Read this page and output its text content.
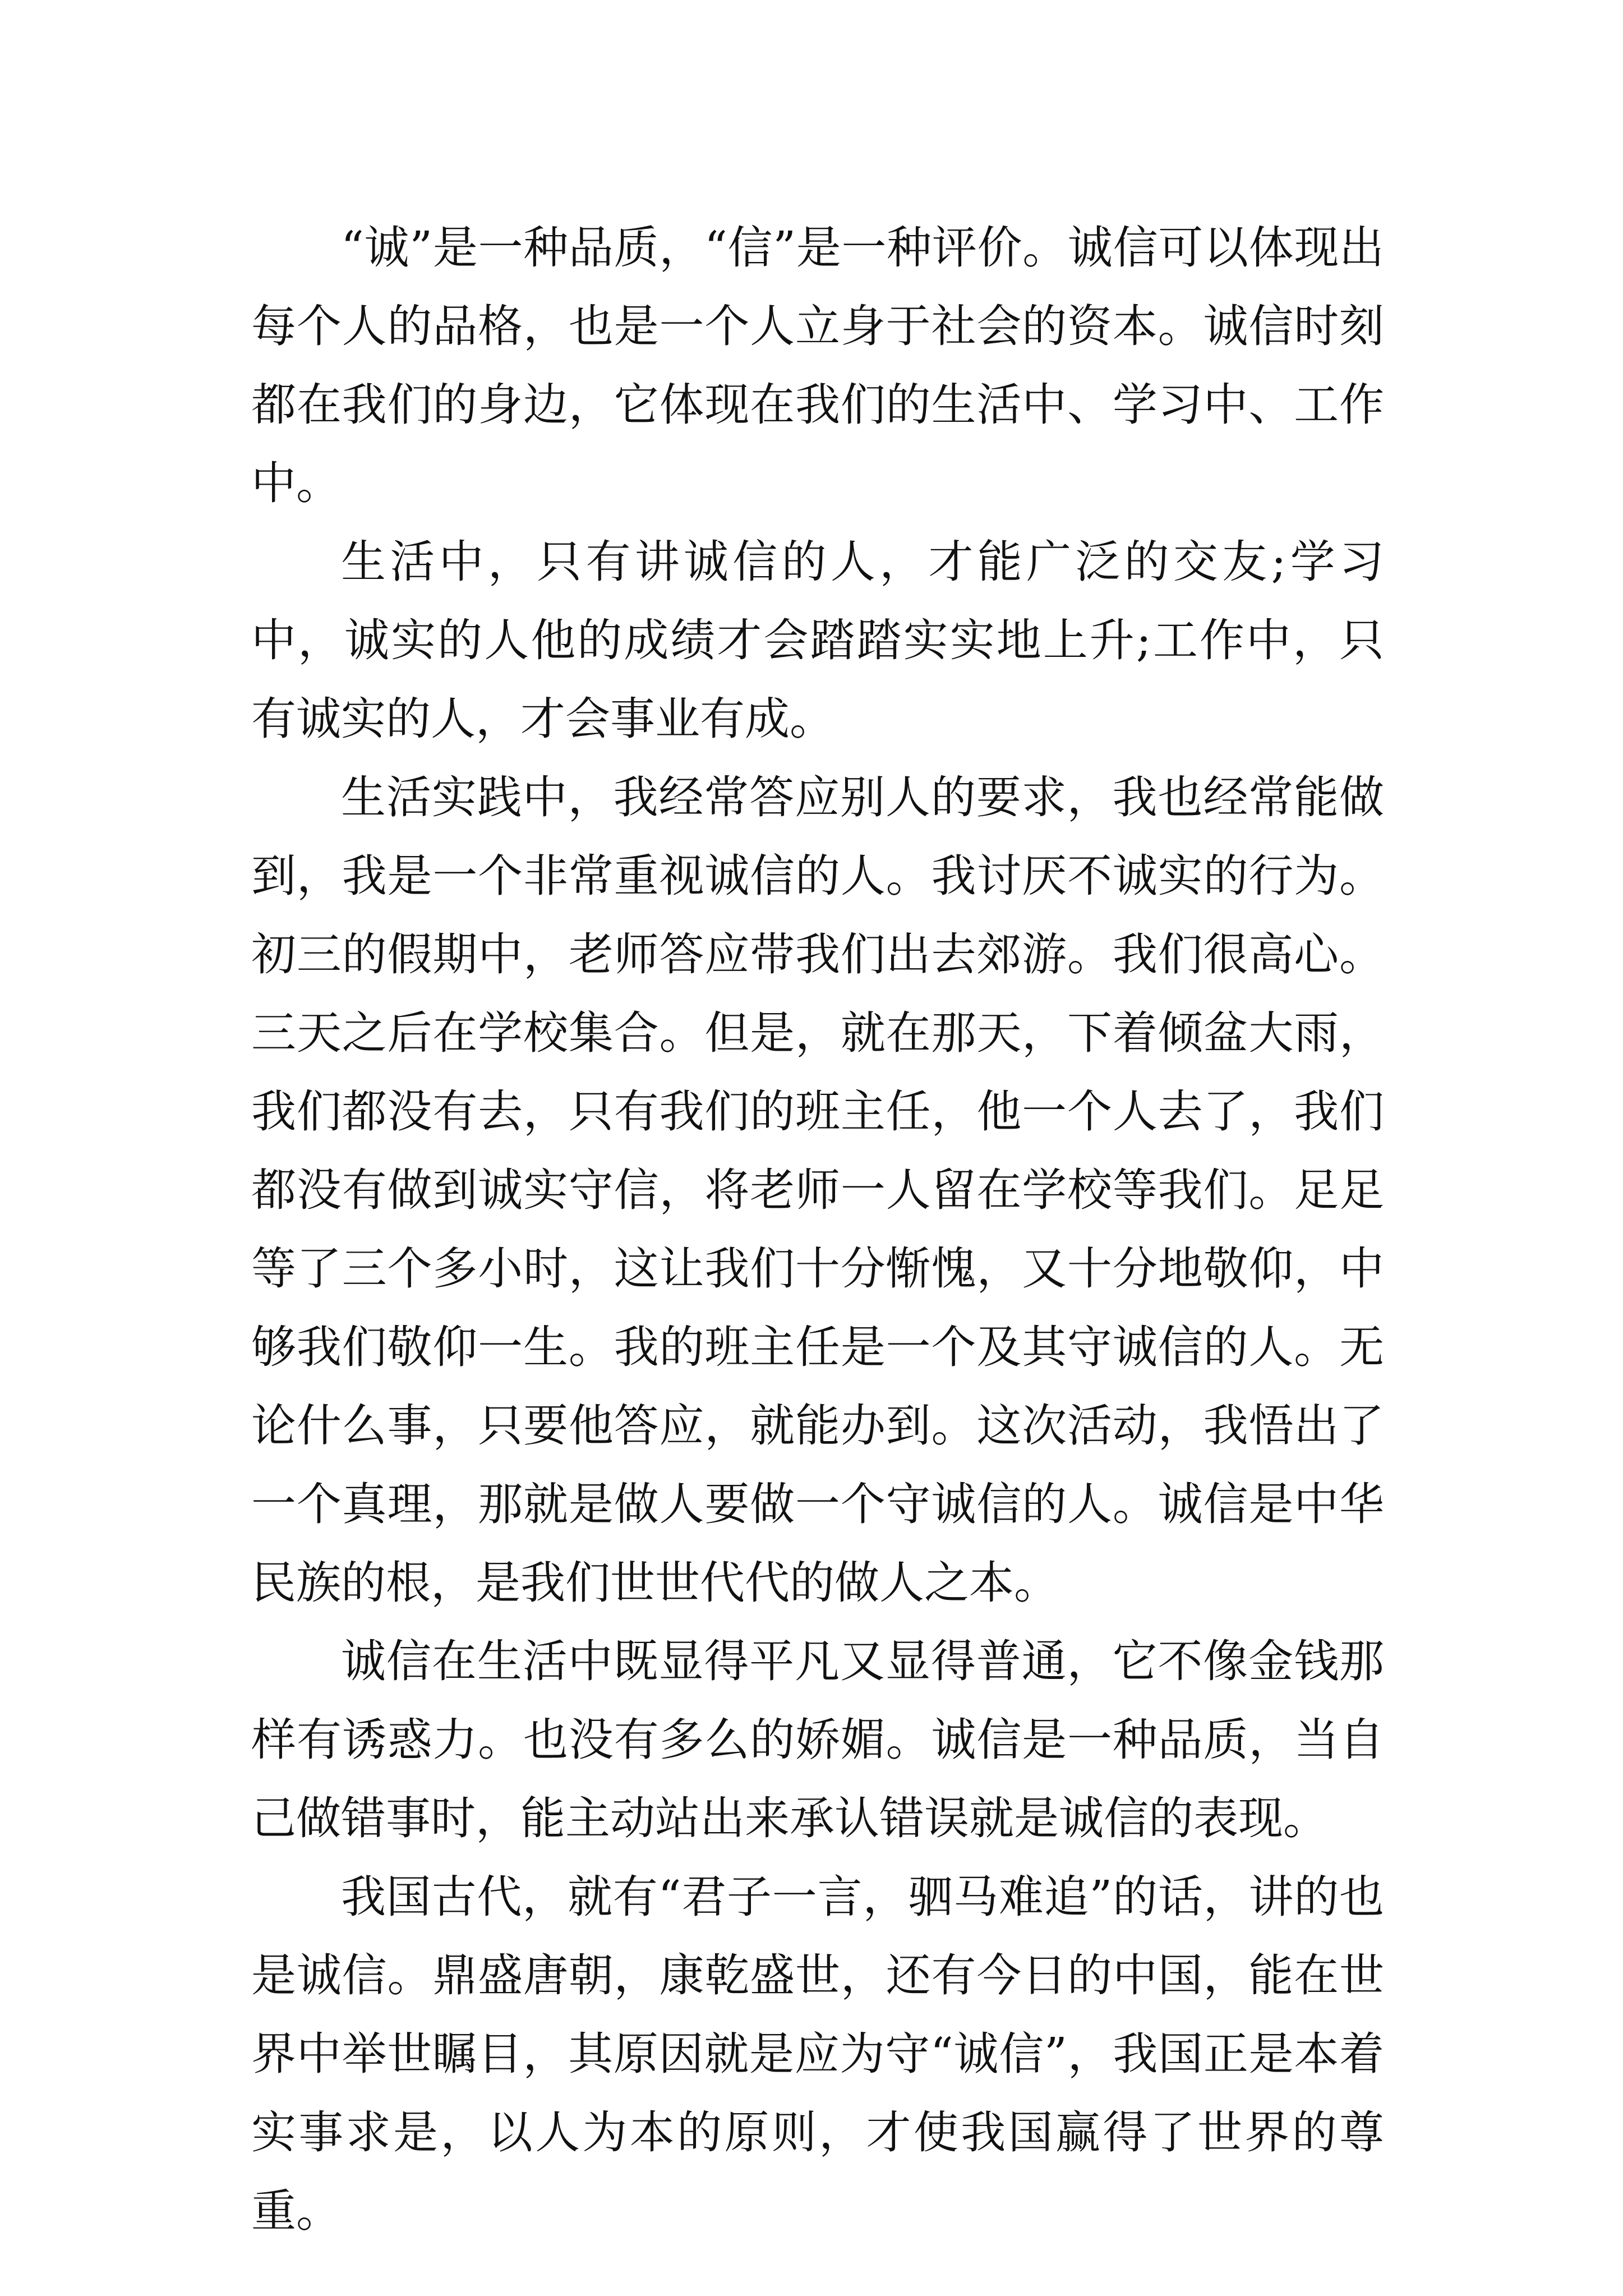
“诚”是一种品质，“信”是一种评价。诚信可以体现出每个人的品格，也是一个人立身于社会的资本。诚信时刻都在我们的身边，它体现在我们的生活中、学习中、工作中。

生活中，只有讲诚信的人，才能广泛的交友;学习中，诚实的人他的成绩才会踏踏实实地上升;工作中，只有诚实的人，才会事业有成。

生活实践中，我经常答应别人的要求，我也经常能做到，我是一个非常重视诚信的人。我讨厌不诚实的行为。初三的假期中，老师答应带我们出去郊游。我们很高心。三天之后在学校集合。但是，就在那天，下着倾盆大雨，我们都没有去，只有我们的班主任，他一个人去了，我们都没有做到诚实守信，将老师一人留在学校等我们。足足等了三个多小时，这让我们十分惭愧，又十分地敬仰，中够我们敬仰一生。我的班主任是一个及其守诚信的人。无论什么事，只要他答应，就能办到。这次活动，我悟出了一个真理，那就是做人要做一个守诚信的人。诚信是中华民族的根，是我们世世代代的做人之本。

诚信在生活中既显得平凡又显得普通，它不像金钱那样有诱惑力。也没有多么的娇媚。诚信是一种品质，当自己做错事时，能主动站出来承认错误就是诚信的表现。

我国古代，就有“君子一言，驷马难追”的话，讲的也是诚信。鼎盛唐朝，康乾盛世，还有今日的中国，能在世界中举世瞩目，其原因就是应为守“诚信”，我国正是本着实事求是，以人为本的原则，才使我国赢得了世界的尊重。
